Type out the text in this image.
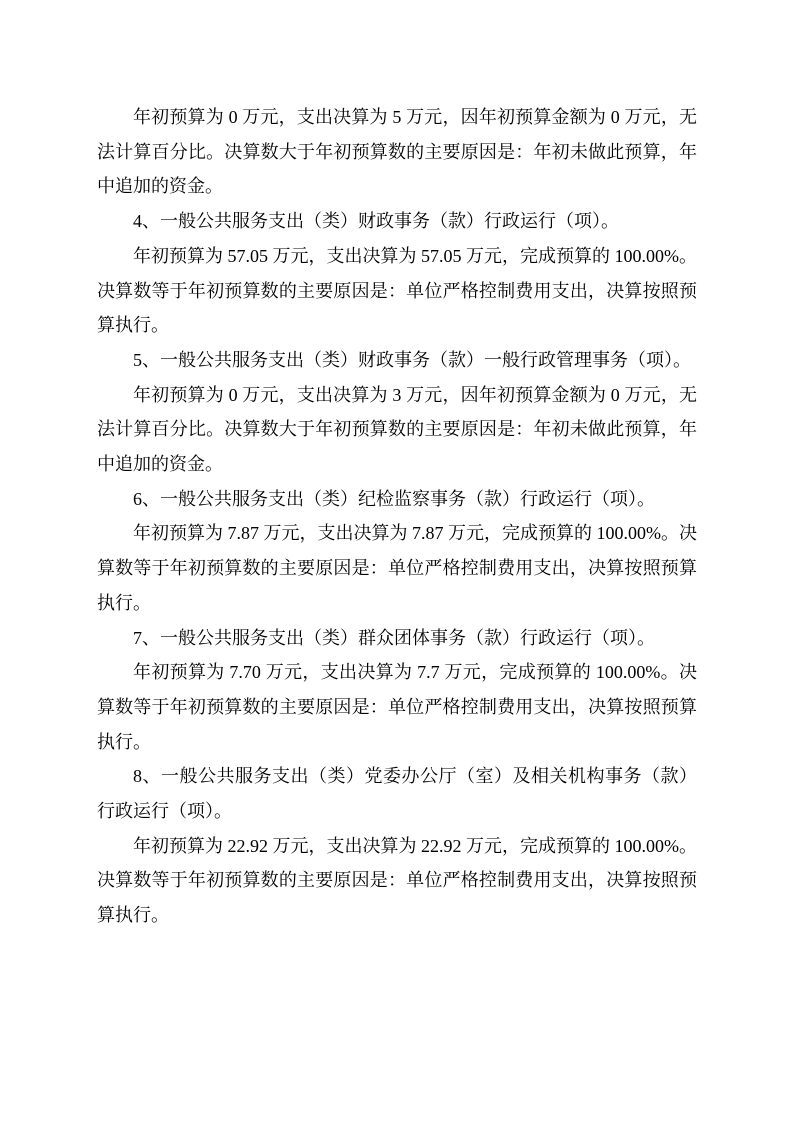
年初预算为 0 万元，支出决算为 5 万元，因年初预算金额为 0 万元，无法计算百分比。决算数大于年初预算数的主要原因是：年初未做此预算，年中追加的资金。

4、一般公共服务支出（类）财政事务（款）行政运行（项）。

年初预算为 57.05 万元，支出决算为 57.05 万元，完成预算的 100.00%。决算数等于年初预算数的主要原因是：单位严格控制费用支出，决算按照预算执行。

5、一般公共服务支出（类）财政事务（款）一般行政管理事务（项）。

年初预算为 0 万元，支出决算为 3 万元，因年初预算金额为 0 万元，无法计算百分比。决算数大于年初预算数的主要原因是：年初未做此预算，年中追加的资金。

6、一般公共服务支出（类）纪检监察事务（款）行政运行（项）。

年初预算为 7.87 万元，支出决算为 7.87 万元，完成预算的 100.00%。决算数等于年初预算数的主要原因是：单位严格控制费用支出，决算按照预算执行。

7、一般公共服务支出（类）群众团体事务（款）行政运行（项）。

年初预算为 7.70 万元，支出决算为 7.7 万元，完成预算的 100.00%。决算数等于年初预算数的主要原因是：单位严格控制费用支出，决算按照预算执行。

8、一般公共服务支出（类）党委办公厅（室）及相关机构事务（款）行政运行（项）。

年初预算为 22.92 万元，支出决算为 22.92 万元，完成预算的 100.00%。决算数等于年初预算数的主要原因是：单位严格控制费用支出，决算按照预算执行。
